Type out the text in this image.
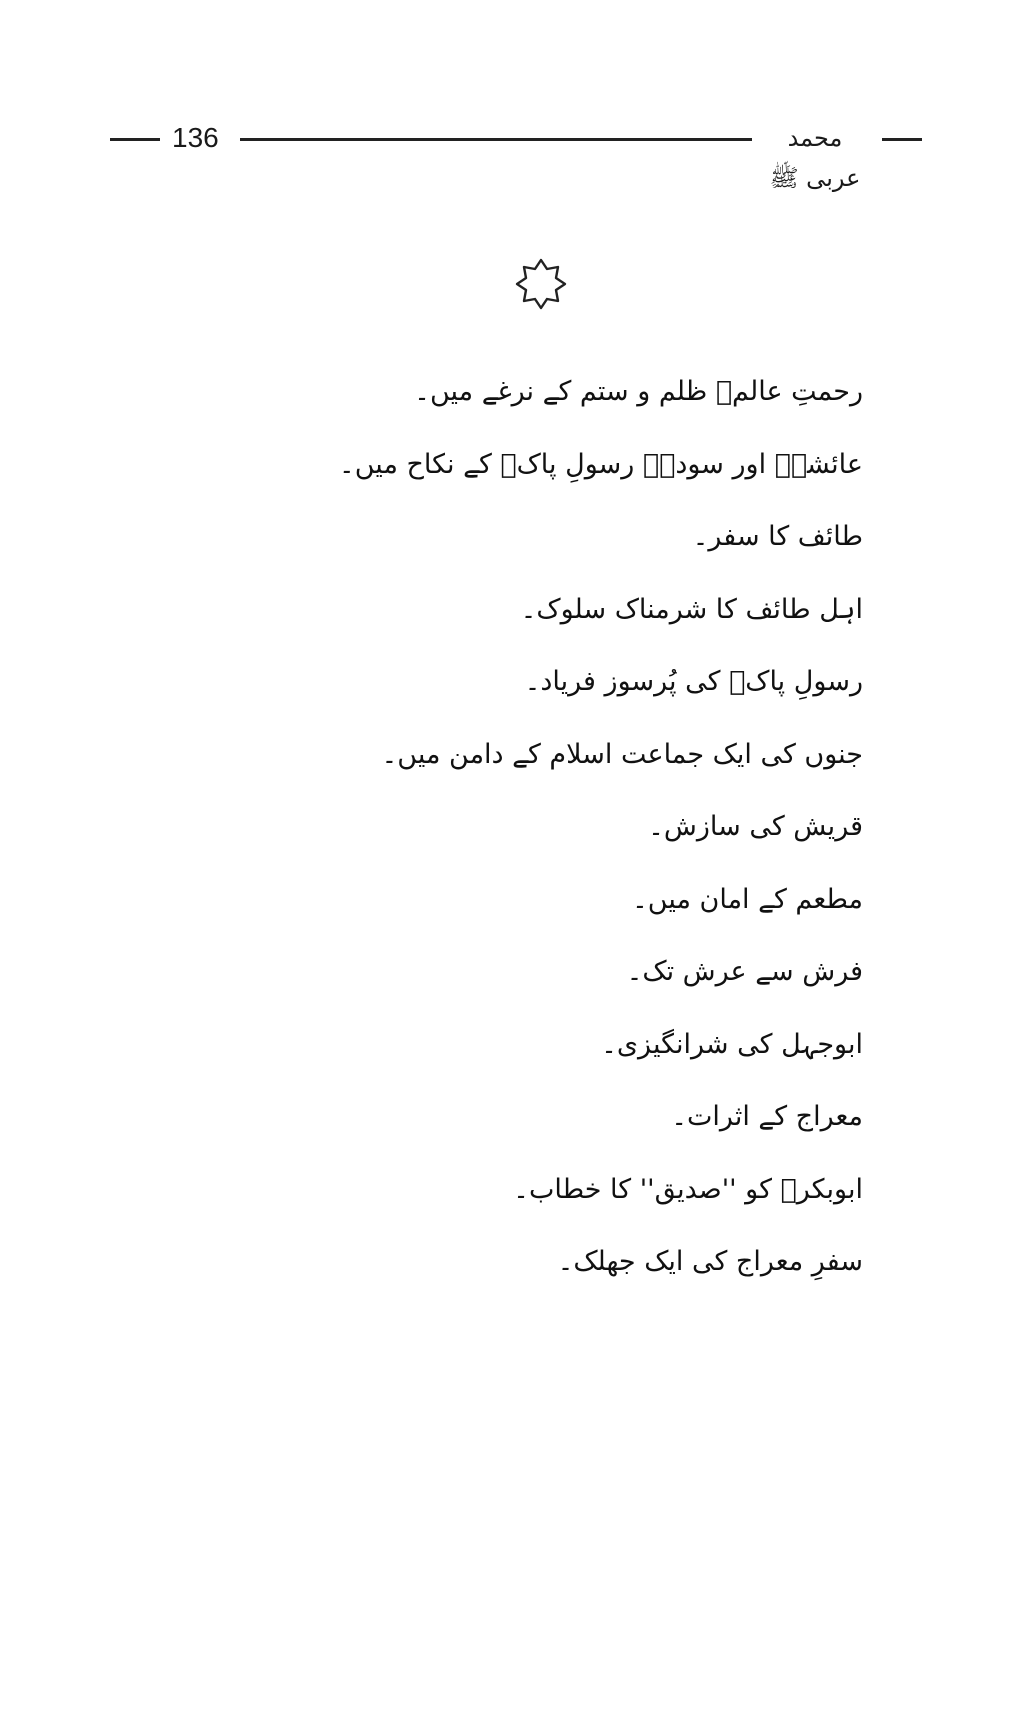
136	محمد عربی ﷺ
رحمتِ عالمؐ ظلم و ستم کے نرغے میں۔
عائشہؓ اور سودہؓ رسولِ پاکؐ کے نکاح میں۔
طائف کا سفر۔
اہل طائف کا شرمناک سلوک۔
رسولِ پاکؐ کی پُرسوز فریاد۔
جنوں کی ایک جماعت اسلام کے دامن میں۔
قریش کی سازش۔
مطعم کے امان میں۔
فرش سے عرش تک۔
ابوجہل کی شرانگیزی۔
معراج کے اثرات۔
ابوبکرؓ کو ''صدیق'' کا خطاب۔
سفرِ معراج کی ایک جھلک۔
